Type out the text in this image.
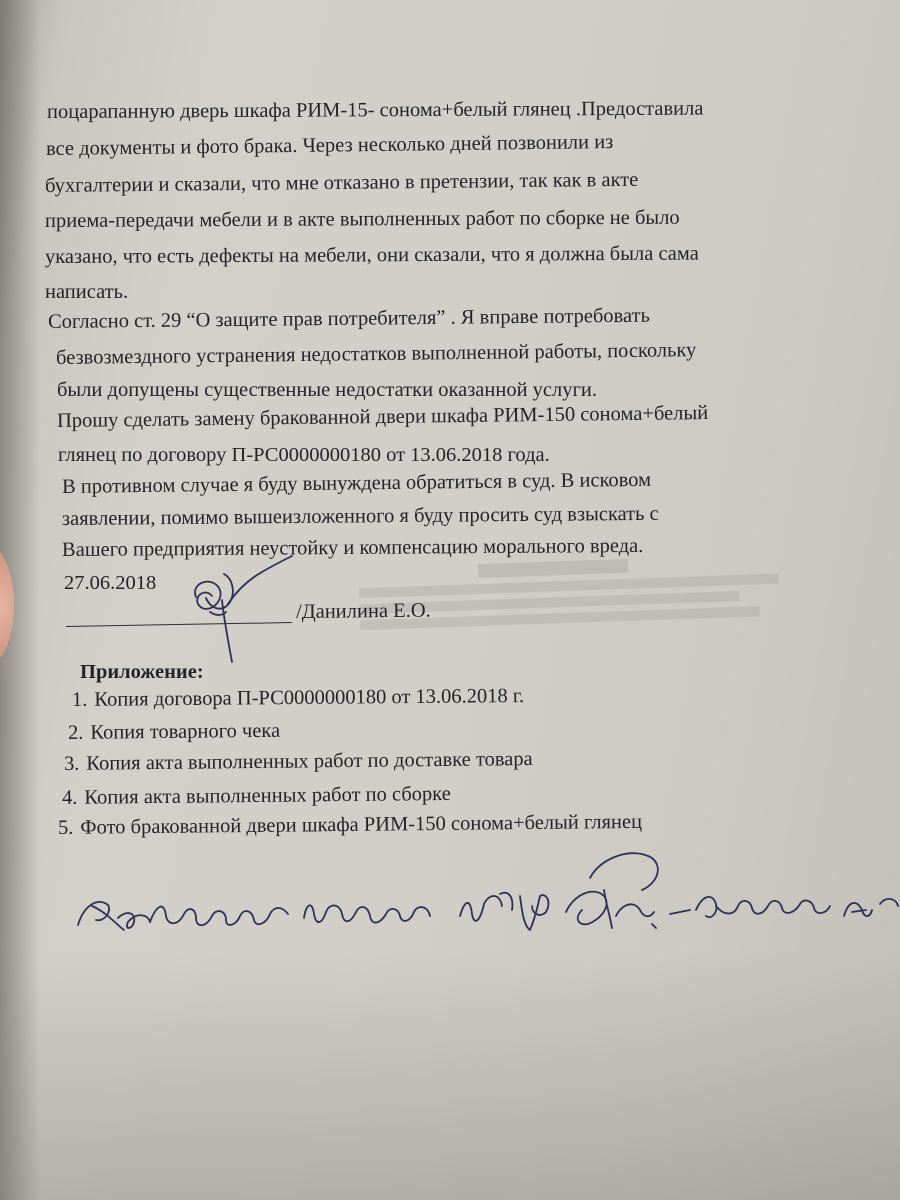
поцарапанную дверь шкафа РИМ-15- сонома+белый глянец .Предоставила
все документы и фото брака. Через несколько дней позвонили из
бухгалтерии и сказали, что мне отказано в претензии, так как в акте
приема-передачи мебели и в акте выполненных работ по сборке не было
указано, что есть дефекты на мебели, они сказали, что я должна была сама
написать.
Согласно ст. 29 “О защите прав потребителя” . Я вправе потребовать
безвозмездного устранения недостатков выполненной работы, поскольку
были допущены существенные недостатки оказанной услуги.
Прошу сделать замену бракованной двери шкафа РИМ-150 сонома+белый
глянец по договору П-РС0000000180 от 13.06.2018 года.
В противном случае я буду вынуждена обратиться в суд. В исковом
заявлении, помимо вышеизложенного я буду просить суд взыскать с
Вашего предприятия неустойку и компенсацию морального вреда.
27.06.2018
/Данилина Е.О.
Приложение:
1. Копия договора П-РС0000000180 от 13.06.2018 г.
2. Копия товарного чека
3. Копия акта выполненных работ по доставке товара
4. Копия акта выполненных работ по сборке
5. Фото бракованной двери шкафа РИМ-150 сонома+белый глянец
